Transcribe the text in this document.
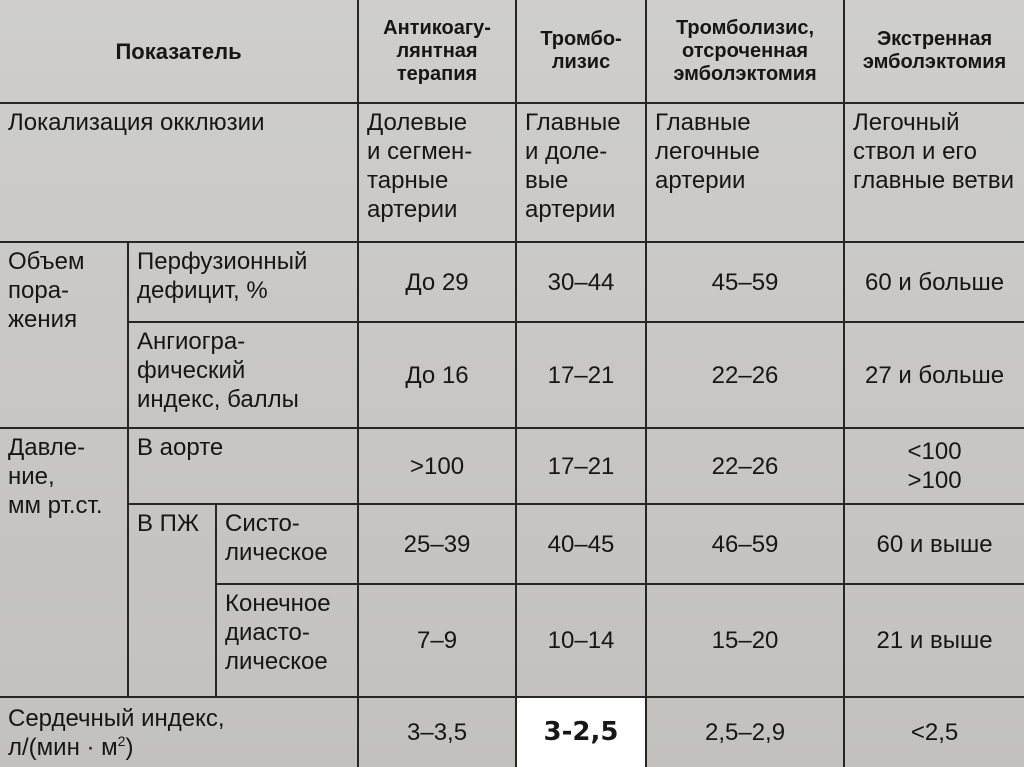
Показатель			Антикоагу-
лянтная
терапия	Тромбо-
лизис	Тромболизис,
отсроченная
эмболэктомия	Экстренная
эмболэктомия
Локализация окклюзии			Долевые
и сегмен-
тарные
артерии	Главные
и доле-
вые
артерии	Главные
легочные
артерии	Легочный
ствол и его
главные ветви
Объем
пора-
жения	Перфузионный
дефицит, %		До 29	30–44	45–59	60 и больше
	Ангиогра-
фический
индекс, баллы		До 16	17–21	22–26	27 и больше
Давле-
ние,
мм рт.ст.	В аорте		>100	17–21	22–26	<100
>100
	В ПЖ	Систо-
лическое	25–39	40–45	46–59	60 и выше
		Конечное
диасто-
лическое	7–9	10–14	15–20	21 и выше
Сердечный индекс,
$л/(мин \cdot м^2)$			3–3,5	3-2,5	2,5–2,9	<2,5
